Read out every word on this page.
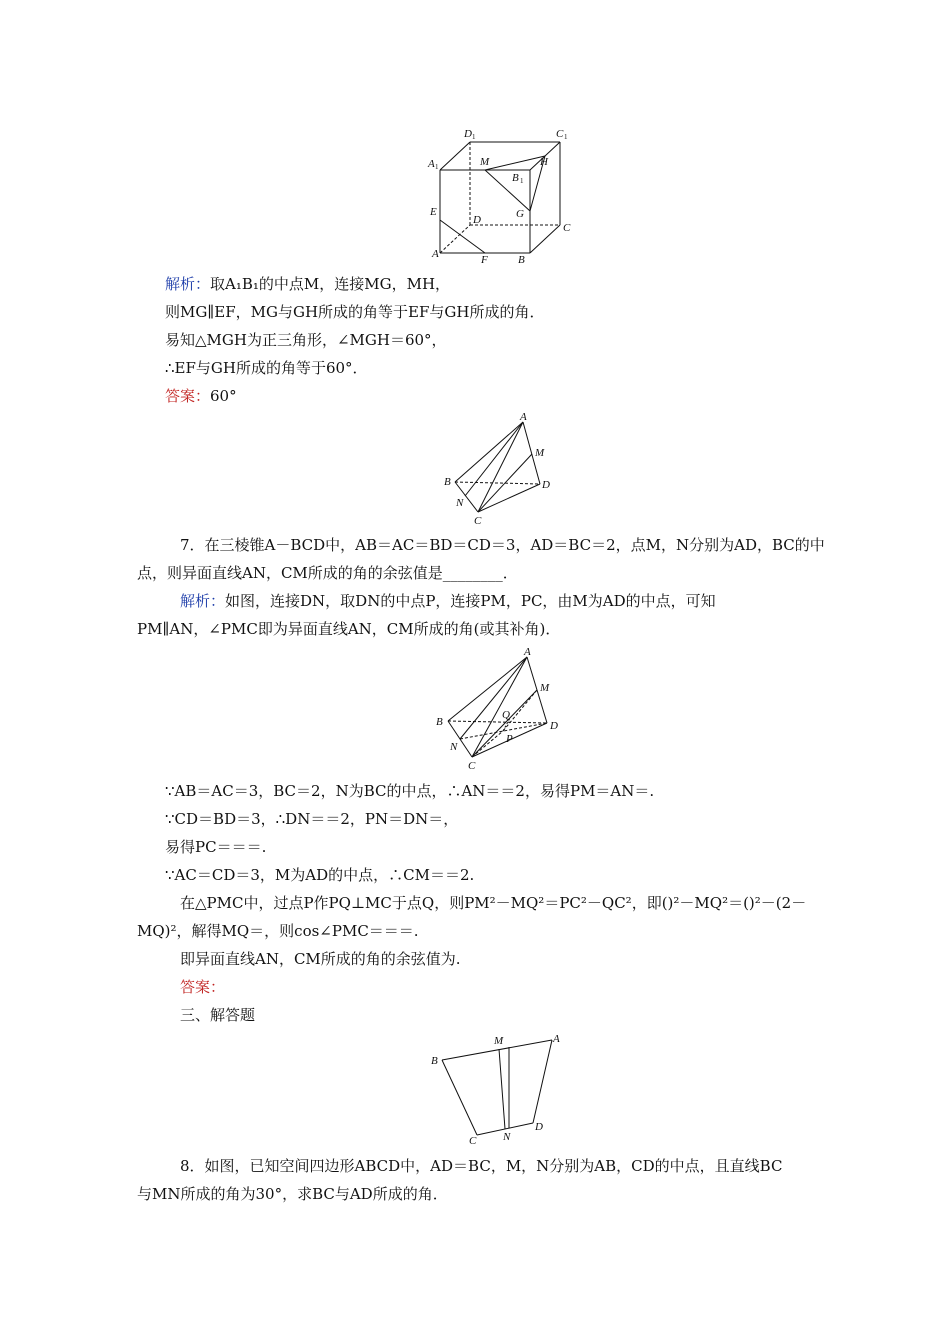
D 1	C 1
A 1	M	H
B 1
E
D	G
C
A	F	B
解析：取A₁B₁的中点M，连接MG，MH，
则MG∥EF，MG与GH所成的角等于EF与GH所成的角．
易知△MGH为正三角形，∠MGH＝60°，
∴EF与GH所成的角等于60°．
答案：60°
A
M
B	D
N
C
7．在三棱锥A－BCD中，AB＝AC＝BD＝CD＝3，AD＝BC＝2，点M，N分别为AD，BC的中
点，则异面直线AN，CM所成的角的余弦值是________．
解析：如图，连接DN，取DN的中点P，连接PM，PC，由M为AD的中点，可知
PM∥AN，∠PMC即为异面直线AN，CM所成的角(或其补角)．
A
M
B
Q
D
P
N
C
∵AB＝AC＝3，BC＝2，N为BC的中点，∴AN＝＝2，易得PM＝AN＝.
∵CD＝BD＝3，∴DN＝＝2，PN＝DN＝，
易得PC＝＝＝.
∵AC＝CD＝3，M为AD的中点，∴CM＝＝2.
在△PMC中，过点P作PQ⊥MC于点Q，则PM²－MQ²＝PC²－QC²，即()²－MQ²＝()²－(2－
MQ)²，解得MQ＝，则cos∠PMC＝＝＝.
即异面直线AN，CM所成的角的余弦值为.
答案：
三、解答题
M	A
B
C N
D
8．如图，已知空间四边形ABCD中，AD＝BC，M，N分别为AB，CD的中点，且直线BC
与MN所成的角为30°，求BC与AD所成的角．
